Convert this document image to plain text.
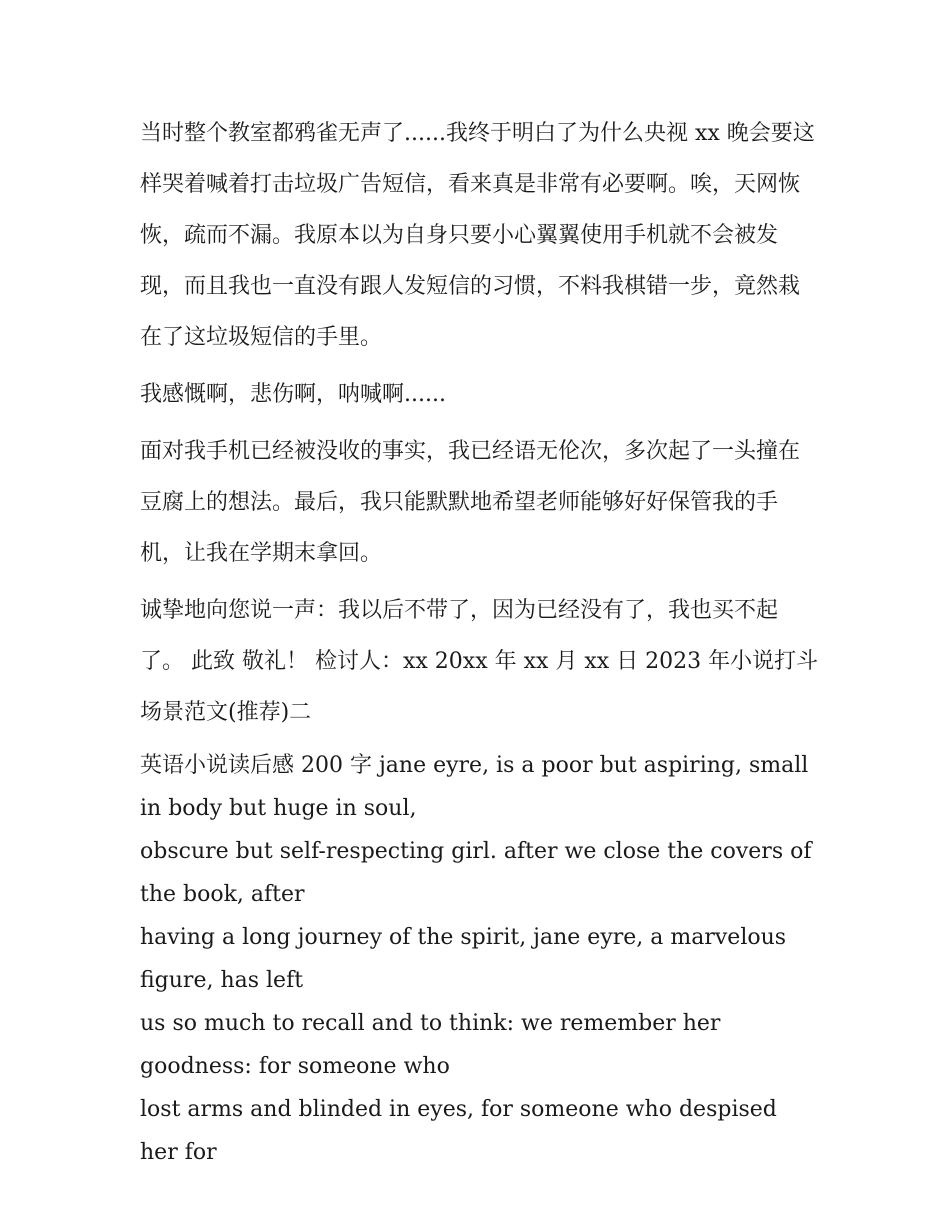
当时整个教室都鸦雀无声了......我终于明白了为什么央视 xx 晚会要这样哭着喊着打击垃圾广告短信，看来真是非常有必要啊。唉，天网恢恢，疏而不漏。我原本以为自身只要小心翼翼使用手机就不会被发现，而且我也一直没有跟人发短信的习惯，不料我棋错一步，竟然栽在了这垃圾短信的手里。

我感慨啊，悲伤啊，呐喊啊......

面对我手机已经被没收的事实，我已经语无伦次，多次起了一头撞在豆腐上的想法。最后，我只能默默地希望老师能够好好保管我的手机，让我在学期末拿回。

诚挚地向您说一声：我以后不带了，因为已经没有了，我也买不起了。 此致 敬礼！ 检讨人：xx 20xx 年 xx 月 xx 日 2023 年小说打斗场景范文(推荐)二

英语小说读后感 200 字 jane eyre, is a poor but aspiring, small in body but huge in soul,

obscure but self-respecting girl. after we close the covers of the book, after

having a long journey of the spirit, jane eyre, a marvelous figure, has left

us so much to recall and to think: we remember her goodness: for someone who

lost arms and blinded in eyes, for someone who despised her for
